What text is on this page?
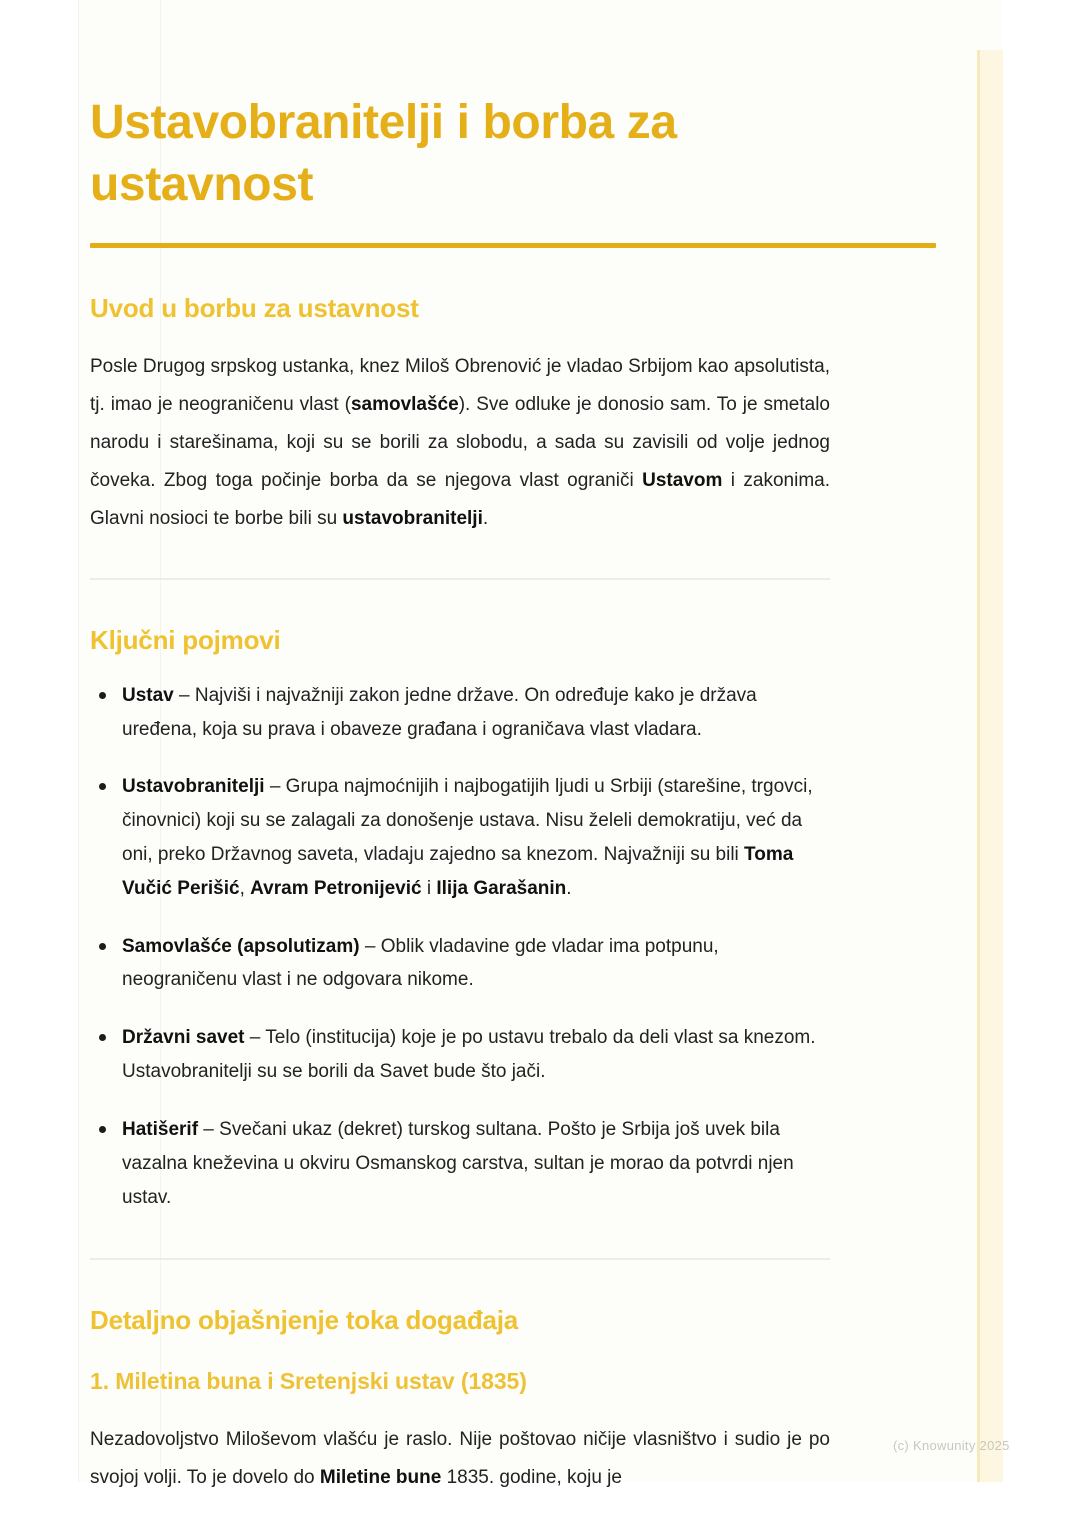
Ustavobranitelji i borba za ustavnost
Uvod u borbu za ustavnost

Posle Drugog srpskog ustanka, knez Miloš Obrenović je vladao Srbijom kao apsolutista, tj. imao je neograničenu vlast (samovlašće). Sve odluke je donosio sam. To je smetalo narodu i starešinama, koji su se borili za slobodu, a sada su zavisili od volje jednog čoveka. Zbog toga počinje borba da se njegova vlast ograniči Ustavom i zakonima. Glavni nosioci te borbe bili su ustavobranitelji.

Ključni pojmovi
Ustav – Najviši i najvažniji zakon jedne države. On određuje kako je država uređena, koja su prava i obaveze građana i ograničava vlast vladara.
Ustavobranitelji – Grupa najmoćnijih i najbogatijih ljudi u Srbiji (starešine, trgovci, činovnici) koji su se zalagali za donošenje ustava. Nisu želeli demokratiju, već da oni, preko Državnog saveta, vladaju zajedno sa knezom. Najvažniji su bili Toma Vučić Perišić, Avram Petronijević i Ilija Garašanin.
Samovlašće (apsolutizam) – Oblik vladavine gde vladar ima potpunu, neograničenu vlast i ne odgovara nikome.
Državni savet – Telo (institucija) koje je po ustavu trebalo da deli vlast sa knezom. Ustavobranitelji su se borili da Savet bude što jači.
Hatišerif – Svečani ukaz (dekret) turskog sultana. Pošto je Srbija još uvek bila vazalna kneževina u okviru Osmanskog carstva, sultan je morao da potvrdi njen ustav.
Detaljno objašnjenje toka događaja
1. Miletina buna i Sretenjski ustav (1835)

Nezadovoljstvo Miloševom vlašću je raslo. Nije poštovao ničije vlasništvo i sudio je po svojoj volji. To je dovelo do Miletine bune 1835. godine, koju je

(c) Knowunity 2025
